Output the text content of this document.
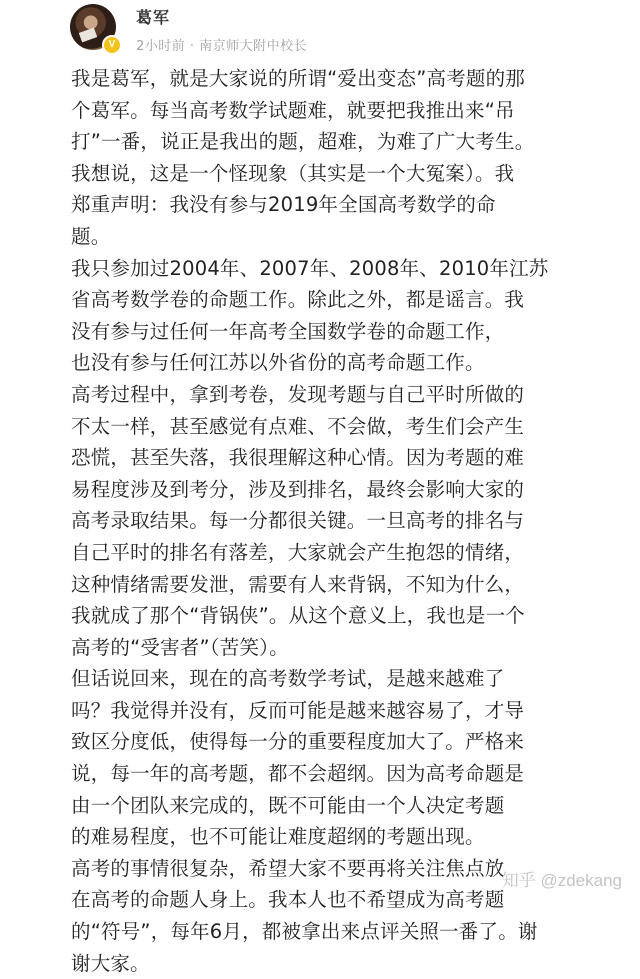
V
葛军
2小时前 · 南京师大附中校长
我是葛军，就是大家说的所谓“爱出变态”高考题的那
个葛军。每当高考数学试题难，就要把我推出来“吊
打”一番，说正是我出的题，超难，为难了广大考生。
我想说，这是一个怪现象（其实是一个大冤案）。我
郑重声明：我没有参与2019年全国高考数学的命
题。
我只参加过2004年、2007年、2008年、2010年江苏
省高考数学卷的命题工作。除此之外，都是谣言。我
没有参与过任何一年高考全国数学卷的命题工作，
也没有参与任何江苏以外省份的高考命题工作。
高考过程中，拿到考卷，发现考题与自己平时所做的
不太一样，甚至感觉有点难、不会做，考生们会产生
恐慌，甚至失落，我很理解这种心情。因为考题的难
易程度涉及到考分，涉及到排名，最终会影响大家的
高考录取结果。每一分都很关键。一旦高考的排名与
自己平时的排名有落差，大家就会产生抱怨的情绪，
这种情绪需要发泄，需要有人来背锅，不知为什么，
我就成了那个“背锅侠”。从这个意义上，我也是一个
高考的“受害者”（苦笑）。
但话说回来，现在的高考数学考试，是越来越难了
吗？我觉得并没有，反而可能是越来越容易了，才导
致区分度低，使得每一分的重要程度加大了。严格来
说，每一年的高考题，都不会超纲。因为高考命题是
由一个团队来完成的，既不可能由一个人决定考题
的难易程度，也不可能让难度超纲的考题出现。
高考的事情很复杂，希望大家不要再将关注焦点放
在高考的命题人身上。我本人也不希望成为高考题
的“符号”，每年6月，都被拿出来点评关照一番了。谢
谢大家。
知乎 @zdekang
